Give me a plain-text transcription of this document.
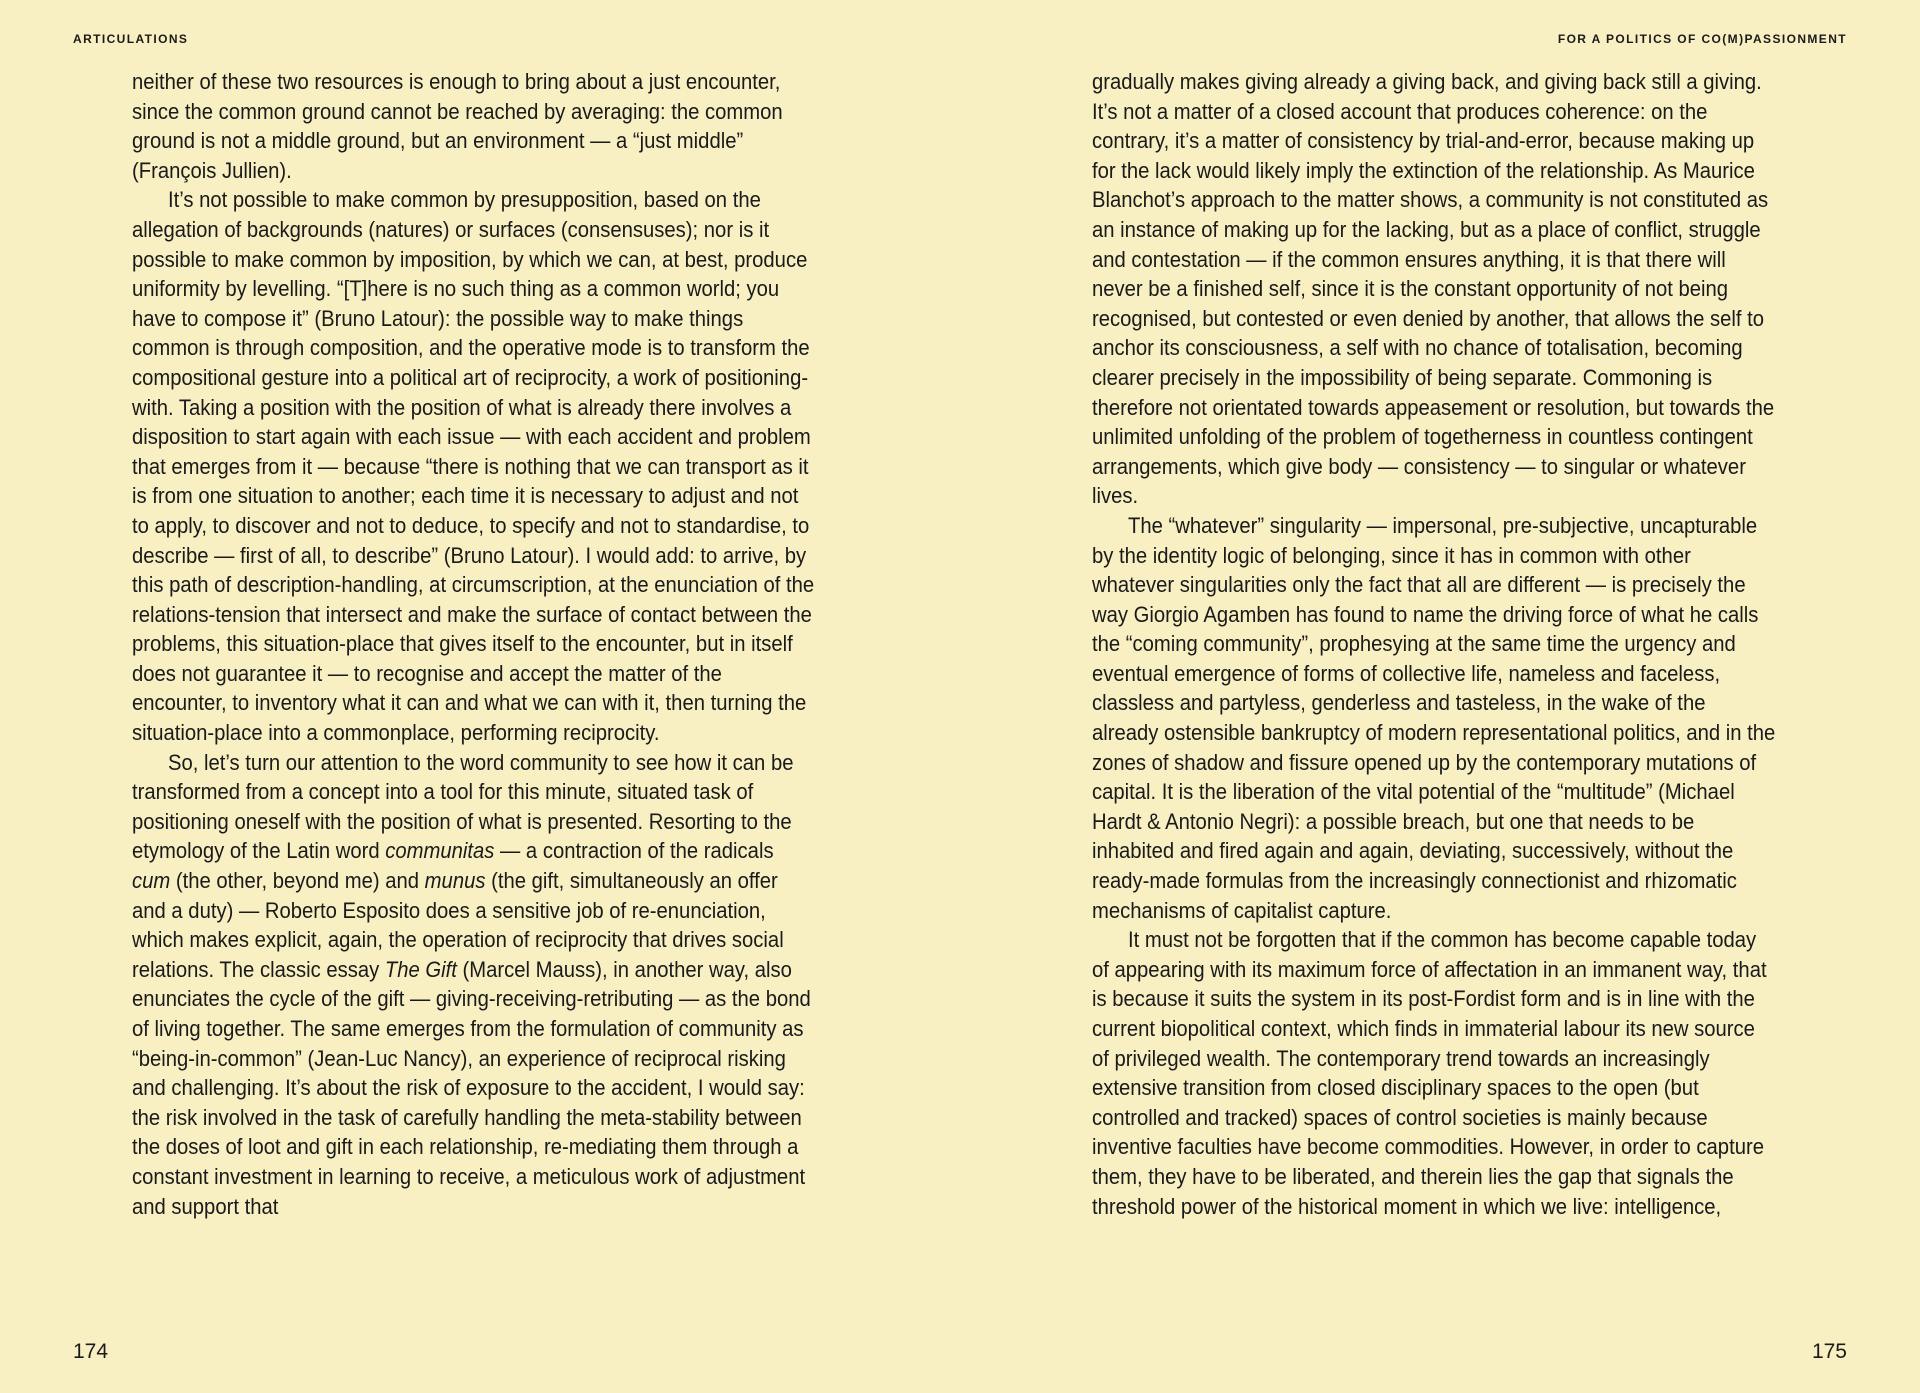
ARTICULATIONS

neither of these two resources is enough to bring about a just encounter, since the common ground cannot be reached by averaging: the common ground is not a middle ground, but an environment — a “just middle” (François Jullien).

It’s not possible to make common by presupposition, based on the allegation of backgrounds (natures) or surfaces (consensuses); nor is it possible to make common by imposition, by which we can, at best, produce uniformity by levelling. “[T]here is no such thing as a common world; you have to compose it” (Bruno Latour): the possible way to make things common is through composition, and the operative mode is to transform the compositional gesture into a political art of reciprocity, a work of positioning-with. Taking a position with the position of what is already there involves a disposition to start again with each issue — with each accident and problem that emerges from it — because “there is nothing that we can transport as it is from one situation to another; each time it is necessary to adjust and not to apply, to discover and not to deduce, to specify and not to standardise, to describe — first of all, to describe” (Bruno Latour). I would add: to arrive, by this path of description-handling, at circumscription, at the enunciation of the relations-tension that intersect and make the surface of contact between the problems, this situation-place that gives itself to the encounter, but in itself does not guarantee it — to recognise and accept the matter of the encounter, to inventory what it can and what we can with it, then turning the situation-place into a commonplace, performing reciprocity.

So, let’s turn our attention to the word community to see how it can be transformed from a concept into a tool for this minute, situated task of positioning oneself with the position of what is presented. Resorting to the etymology of the Latin word communitas — a contraction of the radicals cum (the other, beyond me) and munus (the gift, simultaneously an offer and a duty) — Roberto Esposito does a sensitive job of re-enunciation, which makes explicit, again, the operation of reciprocity that drives social relations. The classic essay The Gift (Marcel Mauss), in another way, also enunciates the cycle of the gift — giving-receiving-retributing — as the bond of living together. The same emerges from the formulation of community as “being-in-common” (Jean-Luc Nancy), an experience of reciprocal risking and challenging. It’s about the risk of exposure to the accident, I would say: the risk involved in the task of carefully handling the meta-stability between the doses of loot and gift in each relationship, re-mediating them through a constant investment in learning to receive, a meticulous work of adjustment and support that

174
FOR A POLITICS OF CO(M)PASSIONMENT

gradually makes giving already a giving back, and giving back still a giving. It’s not a matter of a closed account that produces coherence: on the contrary, it’s a matter of consistency by trial-and-error, because making up for the lack would likely imply the extinction of the relationship. As Maurice Blanchot’s approach to the matter shows, a community is not constituted as an instance of making up for the lacking, but as a place of conflict, struggle and contestation — if the common ensures anything, it is that there will never be a finished self, since it is the constant opportunity of not being recognised, but contested or even denied by another, that allows the self to anchor its consciousness, a self with no chance of totalisation, becoming clearer precisely in the impossibility of being separate. Commoning is therefore not orientated towards appeasement or resolution, but towards the unlimited unfolding of the problem of togetherness in countless contingent arrangements, which give body — consistency — to singular or whatever lives.

The “whatever” singularity — impersonal, pre-subjective, uncapturable by the identity logic of belonging, since it has in common with other whatever singularities only the fact that all are different — is precisely the way Giorgio Agamben has found to name the driving force of what he calls the “coming community”, prophesying at the same time the urgency and eventual emergence of forms of collective life, nameless and faceless, classless and partyless, genderless and tasteless, in the wake of the already ostensible bankruptcy of modern representational politics, and in the zones of shadow and fissure opened up by the contemporary mutations of capital. It is the liberation of the vital potential of the “multitude” (Michael Hardt & Antonio Negri): a possible breach, but one that needs to be inhabited and fired again and again, deviating, successively, without the ready-made formulas from the increasingly connectionist and rhizomatic mechanisms of capitalist capture.

It must not be forgotten that if the common has become capable today of appearing with its maximum force of affectation in an immanent way, that is because it suits the system in its post-Fordist form and is in line with the current biopolitical context, which finds in immaterial labour its new source of privileged wealth. The contemporary trend towards an increasingly extensive transition from closed disciplinary spaces to the open (but controlled and tracked) spaces of control societies is mainly because inventive faculties have become commodities. However, in order to capture them, they have to be liberated, and therein lies the gap that signals the threshold power of the historical moment in which we live: intelligence,

175
